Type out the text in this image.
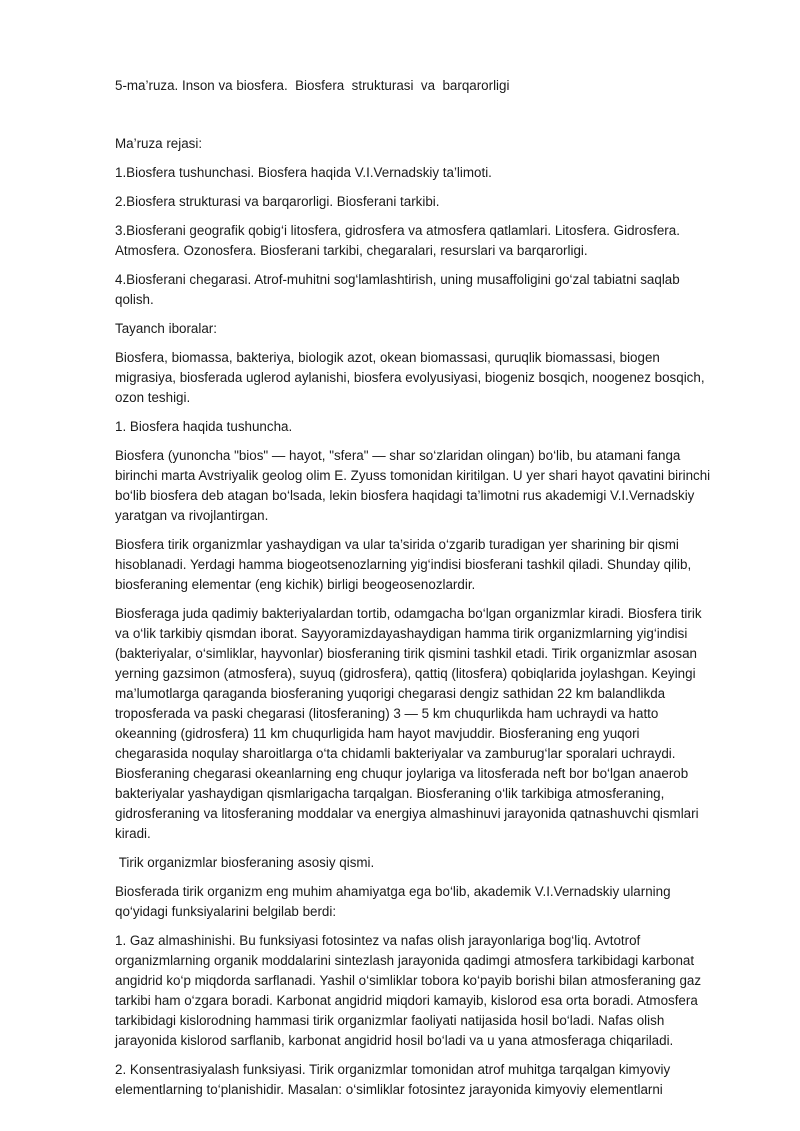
5-ma’ruza. Inson va biosfera.  Biosfera  strukturasi  va  barqarorligi

Ma’ruza rejasi:

1.Biosfera tushunchasi. Biosfera haqida V.I.Vernadskiy ta’limoti.

2.Biosfera strukturasi va barqarorligi. Biosferani tarkibi.

3.Biosferani geografik qobig‘i litosfera, gidrosfera va atmosfera qatlamlari. Litosfera. Gidrosfera. Atmosfera. Ozonosfera. Biosferani tarkibi, chegaralari, resurslari va barqarorligi.

4.Biosferani chegarasi. Atrof-muhitni sog‘lamlashtirish, uning musaffoligini go‘zal tabiatni saqlab qolish.

Tayanch iboralar:

Biosfera, biomassa, bakteriya, biologik azot, okean biomassasi, quruqlik biomassasi, biogen migrasiya, biosferada uglerod aylanishi, biosfera evolyusiyasi, biogeniz bosqich, noogenez bosqich, ozon teshigi.

1. Biosfera haqida tushuncha.

Biosfera (yunoncha "bios" — hayot, "sfera" — shar so‘zlaridan olingan) bo‘lib, bu atamani fanga birinchi marta Avstriyalik geolog olim E. Zyuss tomonidan kiritilgan. U yer shari hayot qavatini birinchi bo‘lib biosfera deb atagan bo‘lsada, lekin biosfera haqidagi ta’limotni rus akademigi V.I.Vernadskiy yaratgan va rivojlantirgan.

Biosfera tirik organizmlar yashaydigan va ular ta’sirida o‘zgarib turadigan yer sharining bir qismi hisoblanadi. Yerdagi hamma biogeotsenozlarning yig‘indisi biosferani tashkil qiladi. Shunday qilib, biosferaning elementar (eng kichik) birligi beogeosenozlardir.

Biosferaga juda qadimiy bakteriyalardan tortib, odamgacha bo‘lgan organizmlar kiradi. Biosfera tirik va o‘lik tarkibiy qismdan iborat. Sayyoramizdayashaydigan hamma tirik organizmlarning yig‘indisi (bakteriyalar, o‘simliklar, hayvonlar) biosferaning tirik qismini tashkil etadi. Tirik organizmlar asosan yerning gazsimon (atmosfera), suyuq (gidrosfera), qattiq (litosfera) qobiqlarida joylashgan. Keyingi ma’lumotlarga qaraganda biosferaning yuqorigi chegarasi dengiz sathidan 22 km balandlikda troposferada va paski chegarasi (litosferaning) 3 — 5 km chuqurlikda ham uchraydi va hatto okeanning (gidrosfera) 11 km chuqurligida ham hayot mavjuddir. Biosferaning eng yuqori chegarasida noqulay sharoitlarga o‘ta chidamli bakteriyalar va zamburug‘lar sporalari uchraydi. Biosferaning chegarasi okeanlarning eng chuqur joylariga va litosferada neft bor bo‘lgan anaerob bakteriyalar yashaydigan qismlarigacha tarqalgan. Biosferaning o‘lik tarkibiga atmosferaning, gidrosferaning va litosferaning moddalar va energiya almashinuvi jarayonida qatnashuvchi qismlari kiradi.

Tirik organizmlar biosferaning asosiy qismi.

Biosferada tirik organizm eng muhim ahamiyatga ega bo‘lib, akademik V.I.Vernadskiy ularning qo‘yidagi funksiyalarini belgilab berdi:

1. Gaz almashinishi. Bu funksiyasi fotosintez va nafas olish jarayonlariga bog‘liq. Avtotrof organizmlarning organik moddalarini sintezlash jarayonida qadimgi atmosfera tarkibidagi karbonat angidrid ko‘p miqdorda sarflanadi. Yashil o‘simliklar tobora ko‘payib borishi bilan atmosferaning gaz tarkibi ham o‘zgara boradi. Karbonat angidrid miqdori kamayib, kislorod esa orta boradi. Atmosfera tarkibidagi kislorodning hammasi tirik organizmlar faoliyati natijasida hosil bo‘ladi. Nafas olish jarayonida kislorod sarflanib, karbonat angidrid hosil bo‘ladi va u yana atmosferaga chiqariladi.

2. Konsentrasiyalash funksiyasi. Tirik organizmlar tomonidan atrof muhitga tarqalgan kimyoviy elementlarning to‘planishidir. Masalan: o‘simliklar fotosintez jarayonida kimyoviy elementlarni
